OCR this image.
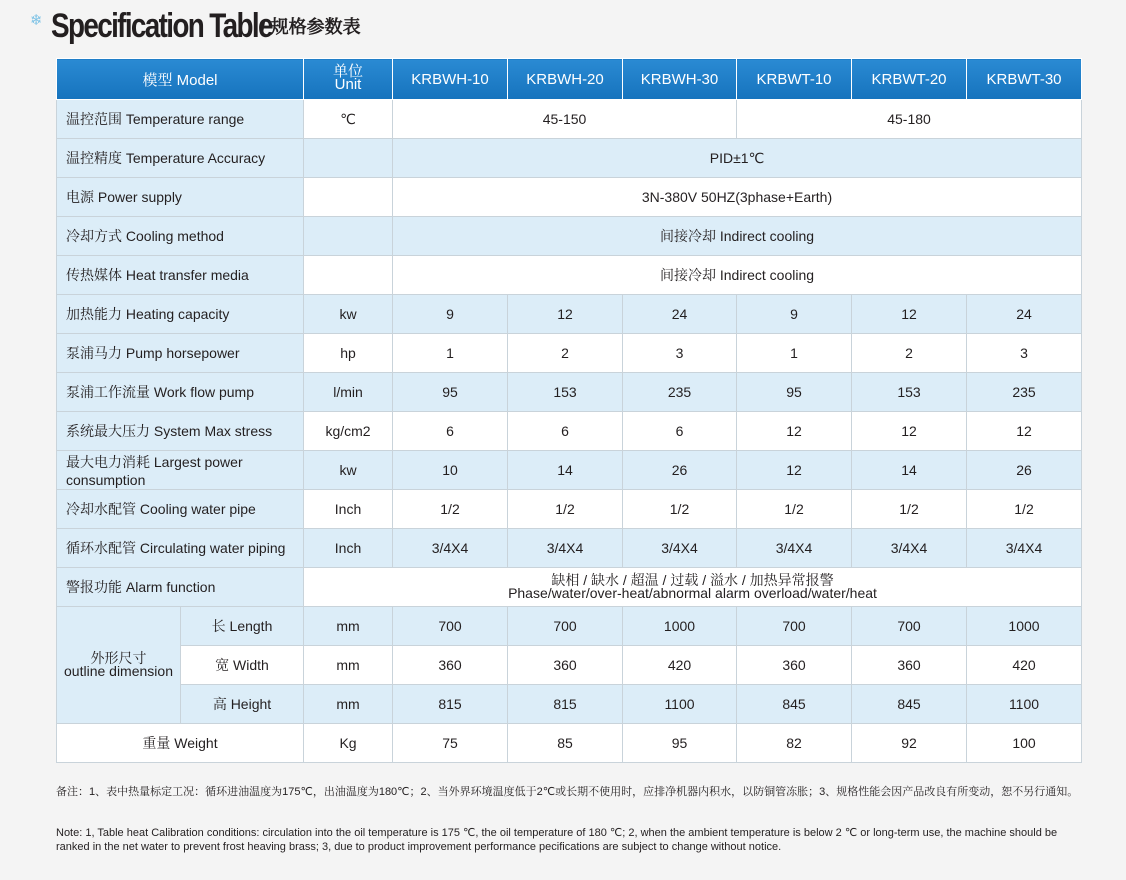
❄ Specification Table
/ 规格参数表
模型 Model		单位
Unit	KRBWH-10	KRBWH-20	KRBWH-30	KRBWT-10	KRBWT-20	KRBWT-30
温控范围 Temperature range		℃	45-150			45-180		
温控精度 Temperature Accuracy			PID±1℃					
电源 Power supply			3N-380V 50HZ(3phase+Earth)					
冷却方式 Cooling method			间接冷却 Indirect cooling					
传热媒体 Heat transfer media			间接冷却 Indirect cooling					
加热能力 Heating capacity		kw	9	12	24	9	12	24
泵浦马力 Pump horsepower		hp	1	2	3	1	2	3
泵浦工作流量 Work flow pump		l/min	95	153	235	95	153	235
系统最大压力 System Max stress		kg/cm2	6	6	6	12	12	12
最大电力消耗 Largest power consumption		kw	10	14	26	12	14	26
冷却水配管 Cooling water pipe		Inch	1/2	1/2	1/2	1/2	1/2	1/2
循环水配管 Circulating water piping		Inch	3/4X4	3/4X4	3/4X4	3/4X4	3/4X4	3/4X4
警报功能 Alarm function		缺相 / 缺水 / 超温 / 过载 / 溢水 / 加热异常报警
Phase/water/over-heat/abnormal alarm overload/water/heat						
外形尺寸
outline dimension	长 Length	mm	700	700	1000	700	700	1000
	宽 Width	mm	360	360	420	360	360	420
	高 Height	mm	815	815	1100	845	845	1100
重量 Weight		Kg	75	85	95	82	92	100
备注：1、表中热量标定工况：循环进油温度为175℃，出油温度为180℃；2、当外界环境温度低于2℃或长期不使用时，应排净机器内积水，以防铜管冻胀；3、规格性能会因产品改良有所变动，恕不另行通知。
Note: 1, Table heat Calibration conditions: circulation into the oil temperature is 175 ℃, the oil temperature of 180 ℃; 2, when the ambient temperature is below 2 ℃ or long-term use, the machine should be ranked in the net water to prevent frost heaving brass; 3, due to product improvement performance pecifications are subject to change without notice.
